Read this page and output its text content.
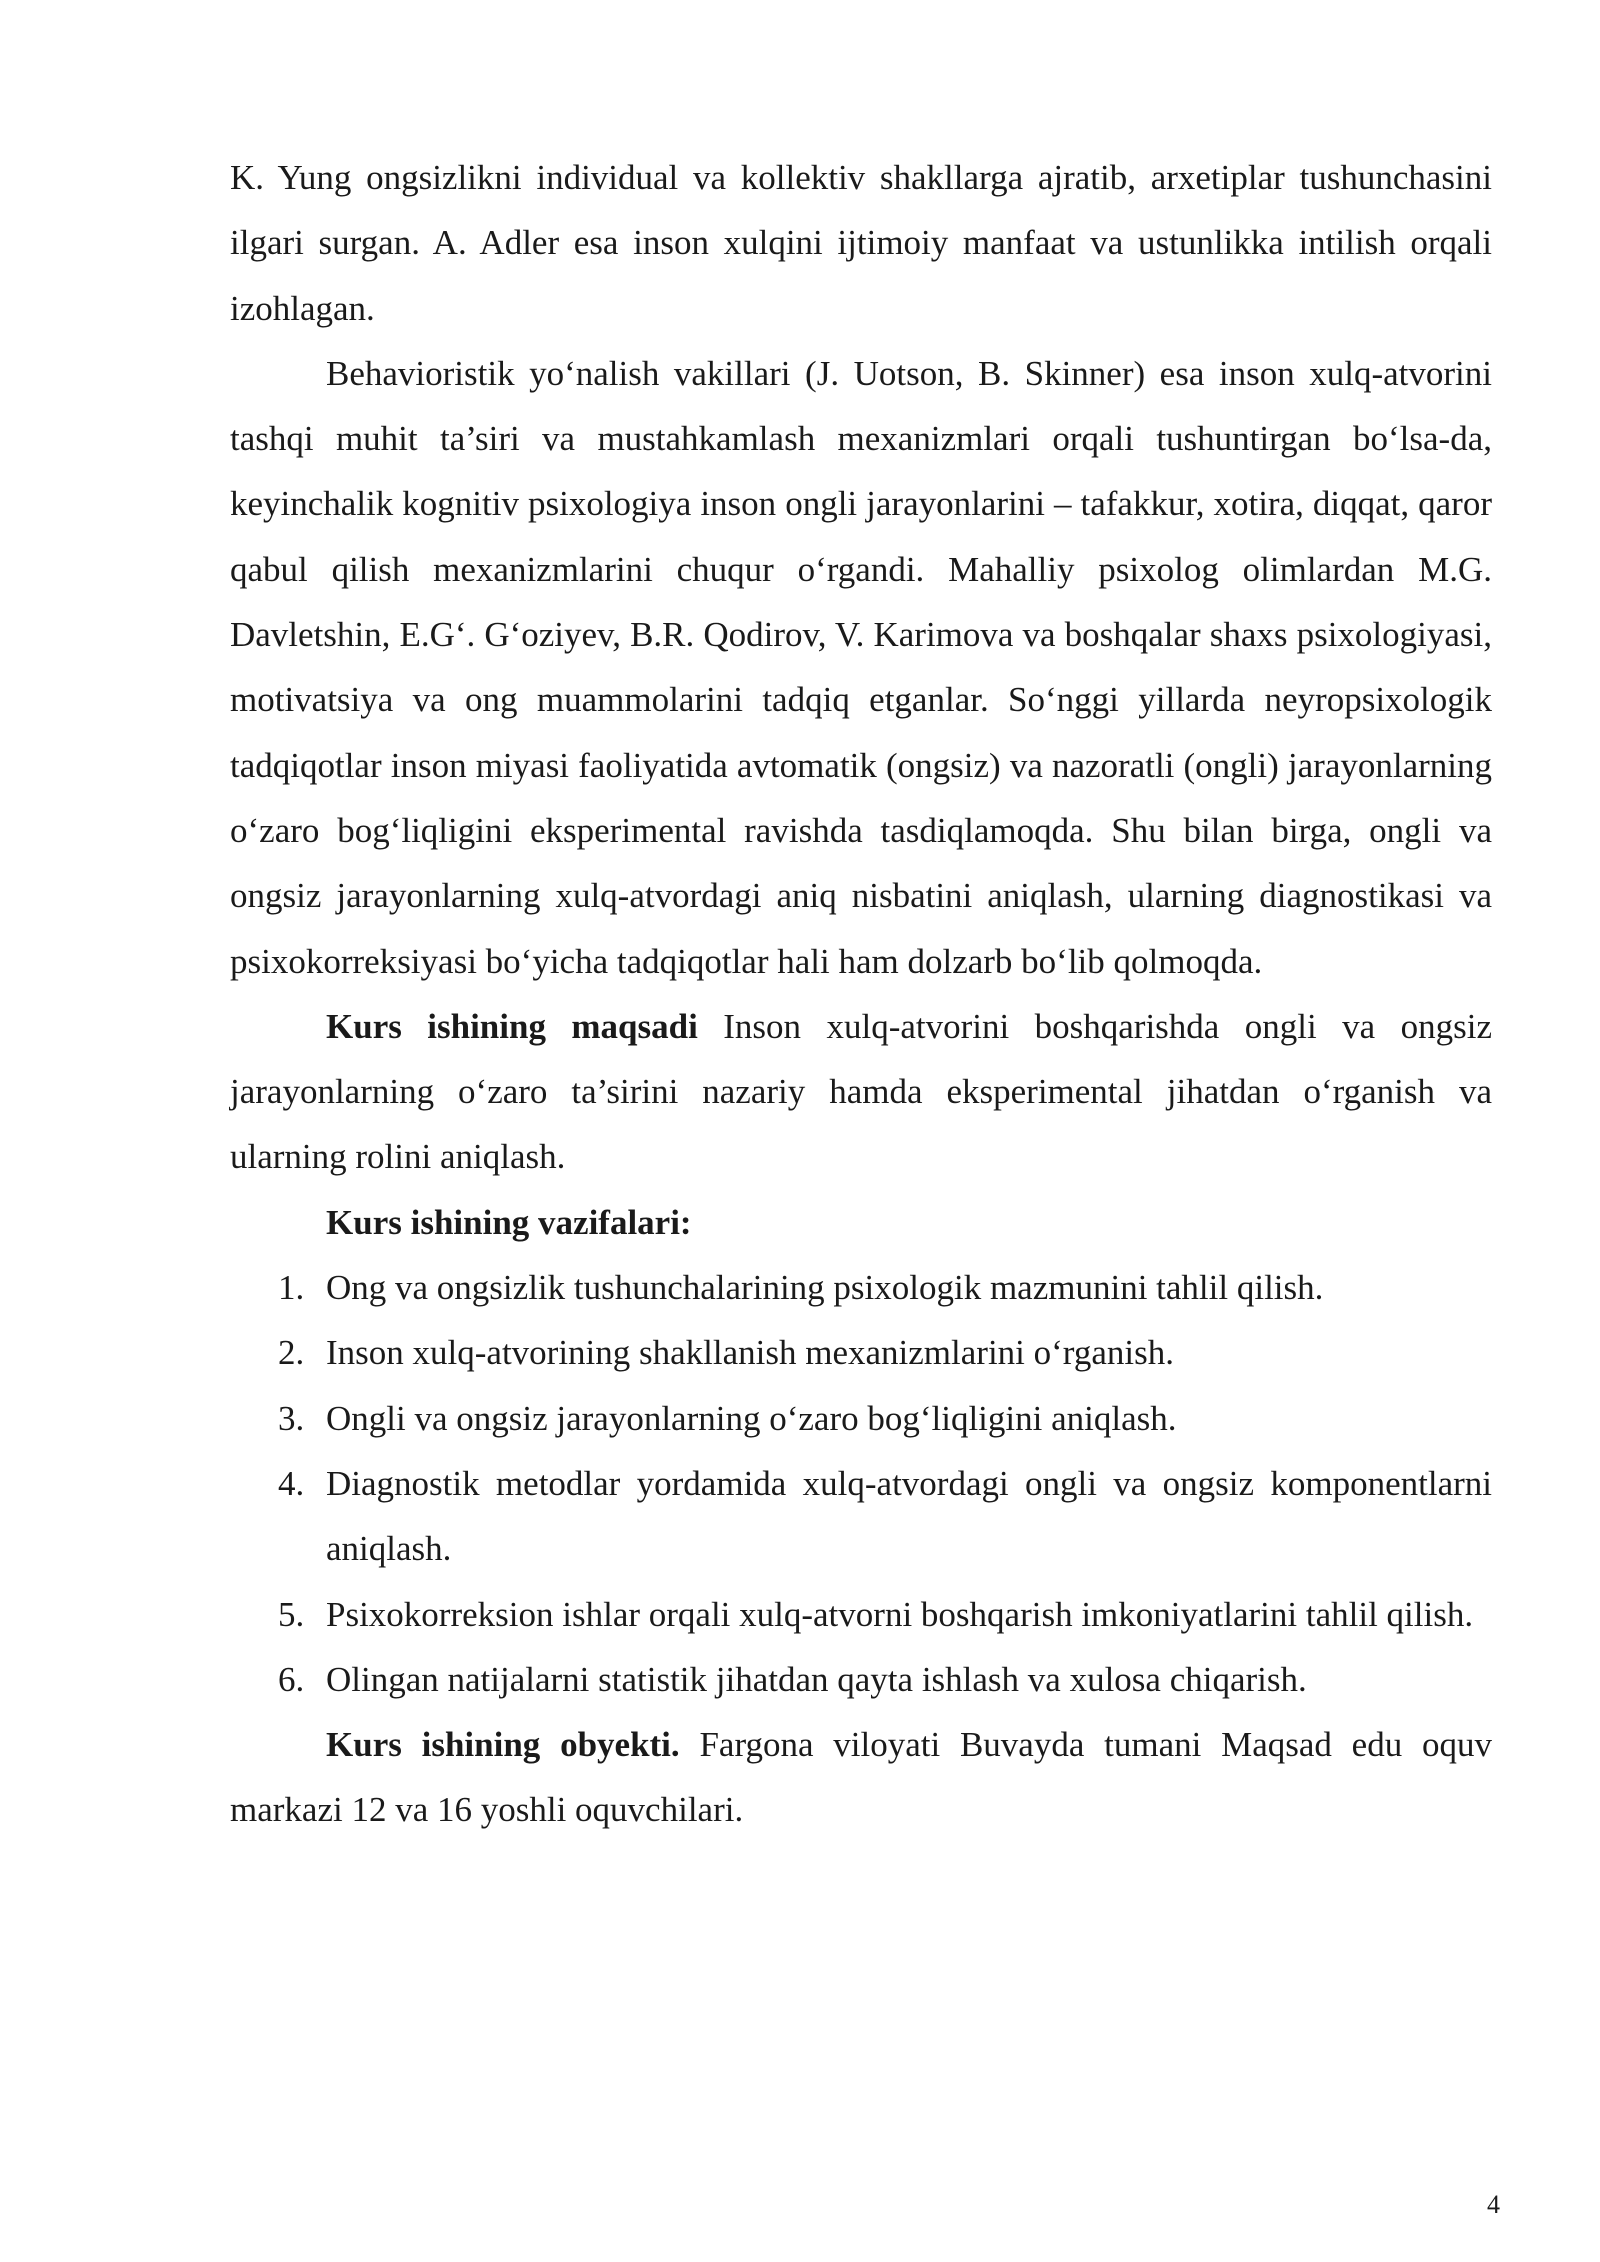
K. Yung ongsizlikni individual va kollektiv shakllarga ajratib, arxetiplar tushunchasini ilgari surgan. A. Adler esa inson xulqini ijtimoiy manfaat va ustunlikka intilish orqali izohlagan.

Behavioristik yo‘nalish vakillari (J. Uotson, B. Skinner) esa inson xulq-atvorini tashqi muhit ta’siri va mustahkamlash mexanizmlari orqali tushuntirgan bo‘lsa-da, keyinchalik kognitiv psixologiya inson ongli jarayonlarini – tafakkur, xotira, diqqat, qaror qabul qilish mexanizmlarini chuqur o‘rgandi. Mahalliy psixolog olimlardan M.G. Davletshin, E.G‘. G‘oziyev, B.R. Qodirov, V. Karimova va boshqalar shaxs psixologiyasi, motivatsiya va ong muammolarini tadqiq etganlar. So‘nggi yillarda neyropsixologik tadqiqotlar inson miyasi faoliyatida avtomatik (ongsiz) va nazoratli (ongli) jarayonlarning o‘zaro bog‘liqligini eksperimental ravishda tasdiqlamoqda. Shu bilan birga, ongli va ongsiz jarayonlarning xulq-atvordagi aniq nisbatini aniqlash, ularning diagnostikasi va psixokorreksiyasi bo‘yicha tadqiqotlar hali ham dolzarb bo‘lib qolmoqda.

Kurs ishining maqsadi Inson xulq-atvorini boshqarishda ongli va ongsiz jarayonlarning o‘zaro ta’sirini nazariy hamda eksperimental jihatdan o‘rganish va ularning rolini aniqlash.

Kurs ishining vazifalari:

1. Ong va ongsizlik tushunchalarining psixologik mazmunini tahlil qilish.
2. Inson xulq-atvorining shakllanish mexanizmlarini o‘rganish.
3. Ongli va ongsiz jarayonlarning o‘zaro bog‘liqligini aniqlash.
4. Diagnostik metodlar yordamida xulq-atvordagi ongli va ongsiz komponentlarni aniqlash.
5. Psixokorreksion ishlar orqali xulq-atvorni boshqarish imkoniyatlarini tahlil qilish.
6. Olingan natijalarni statistik jihatdan qayta ishlash va xulosa chiqarish.

Kurs ishining obyekti. Fargona viloyati Buvayda tumani Maqsad edu oquv markazi 12 va 16 yoshli oquvchilari.

4
